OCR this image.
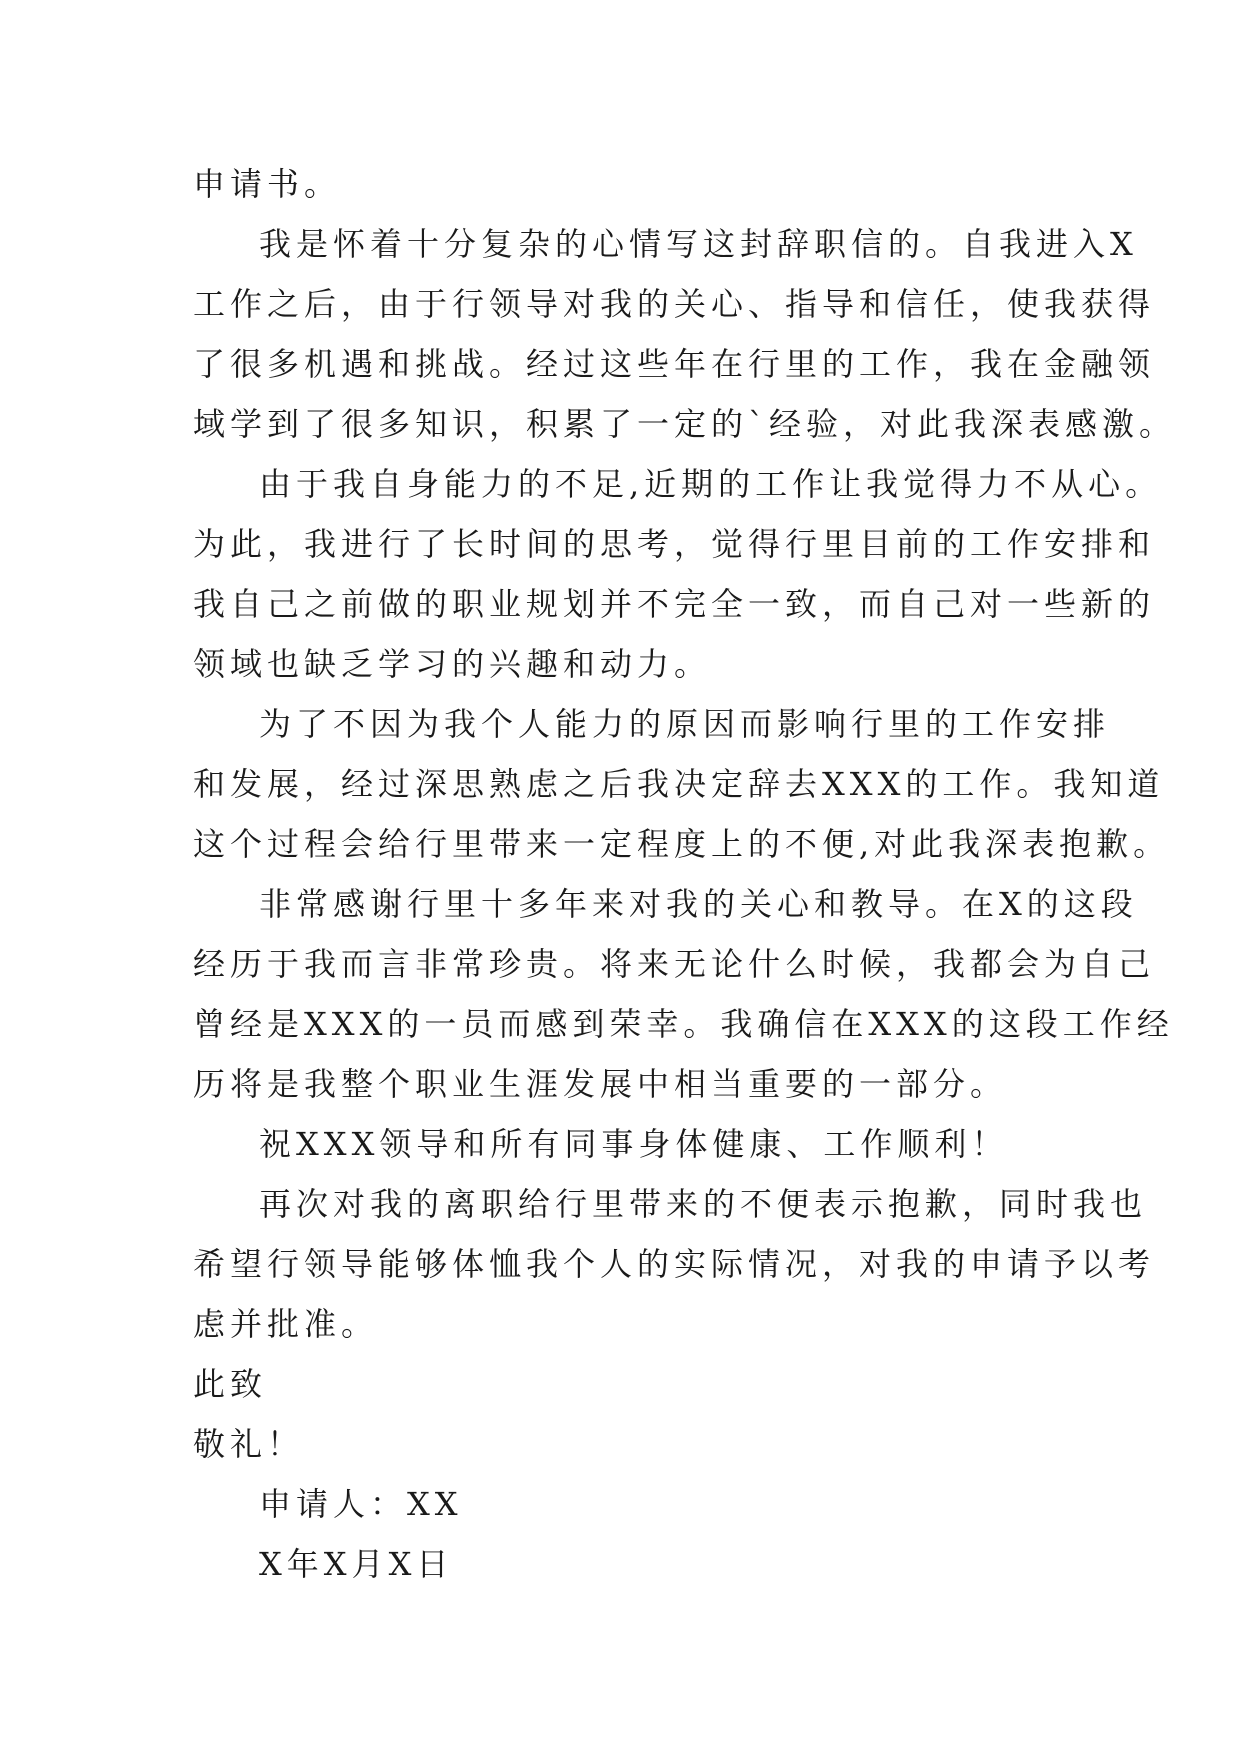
申请书。
我是怀着十分复杂的心情写这封辞职信的。自我进入X
工作之后，由于行领导对我的关心、指导和信任，使我获得
了很多机遇和挑战。经过这些年在行里的工作，我在金融领
域学到了很多知识，积累了一定的`经验，对此我深表感激。
由于我自身能力的不足,近期的工作让我觉得力不从心。
为此，我进行了长时间的思考，觉得行里目前的工作安排和
我自己之前做的职业规划并不完全一致，而自己对一些新的
领域也缺乏学习的兴趣和动力。
为了不因为我个人能力的原因而影响行里的工作安排
和发展，经过深思熟虑之后我决定辞去XXX的工作。我知道
这个过程会给行里带来一定程度上的不便,对此我深表抱歉。
非常感谢行里十多年来对我的关心和教导。在X的这段
经历于我而言非常珍贵。将来无论什么时候，我都会为自己
曾经是XXX的一员而感到荣幸。我确信在XXX的这段工作经
历将是我整个职业生涯发展中相当重要的一部分。
祝XXX领导和所有同事身体健康、工作顺利！
再次对我的离职给行里带来的不便表示抱歉，同时我也
希望行领导能够体恤我个人的实际情况，对我的申请予以考
虑并批准。
此致
敬礼！
申请人：XX
X年X月X日
